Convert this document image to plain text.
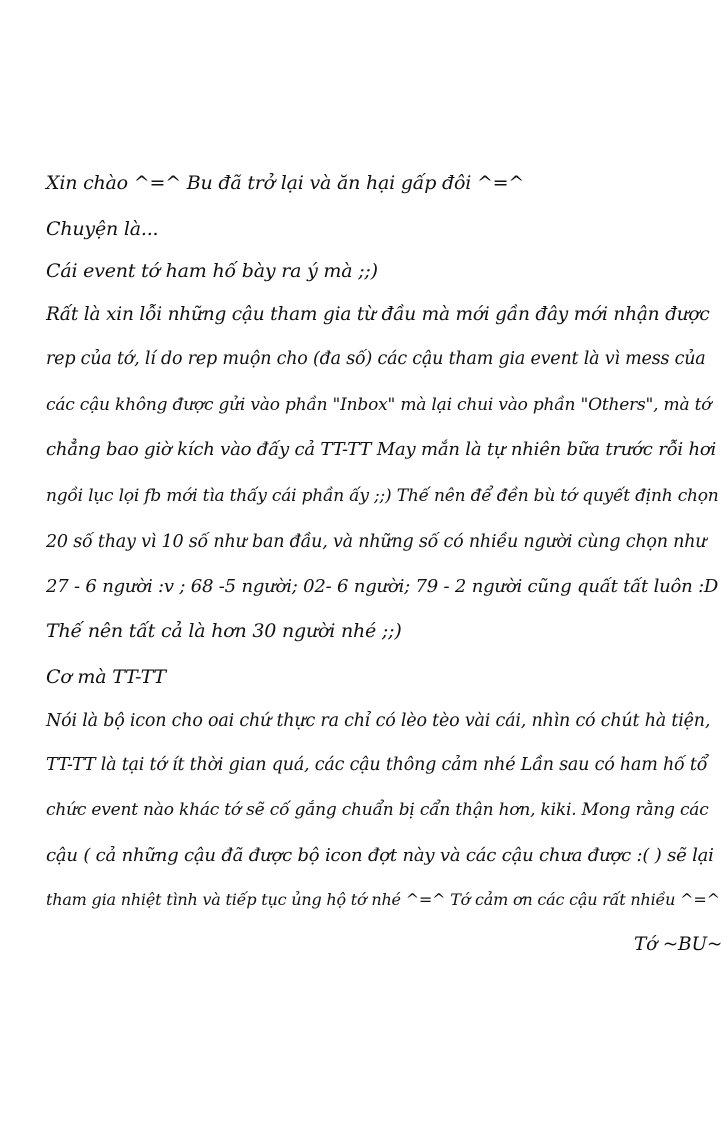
Xin chào ^=^ Bu đã trở lại và ăn hại gấp đôi ^=^
Chuyện là...
Cái event tớ ham hố bày ra ý mà ;;)
Rất là xin lỗi những cậu tham gia từ đầu mà mới gần đây mới nhận được
rep của tớ, lí do rep muộn cho (đa số) các cậu tham gia event là vì mess của
các cậu không được gửi vào phần "Inbox" mà lại chui vào phần "Others", mà tớ
chẳng bao giờ kích vào đấy cả TT-TT May mắn là tự nhiên bữa trước rỗi hơi
ngồi lục lọi fb mới tìa thấy cái phần ấy ;;) Thế nên để đền bù tớ quyết định chọn
20 số thay vì 10 số như ban đầu, và những số có nhiều người cùng chọn như
27 - 6 người :v ; 68 -5 người; 02- 6 người; 79 - 2 người cũng quất tất luôn :D
Thế nên tất cả là hơn 30 người nhé ;;)
Cơ mà TT-TT
Nói là bộ icon cho oai chứ thực ra chỉ có lèo tèo vài cái, nhìn có chút hà tiện,
TT-TT là tại tớ ít thời gian quá, các cậu thông cảm nhé Lần sau có ham hố tổ
chức event nào khác tớ sẽ cố gắng chuẩn bị cẩn thận hơn, kiki. Mong rằng các
cậu ( cả những cậu đã được bộ icon đợt này và các cậu chưa được :( ) sẽ lại
tham gia nhiệt tình và tiếp tục ủng hộ tớ nhé ^=^ Tớ cảm ơn các cậu rất nhiều ^=^
Tớ ~BU~
